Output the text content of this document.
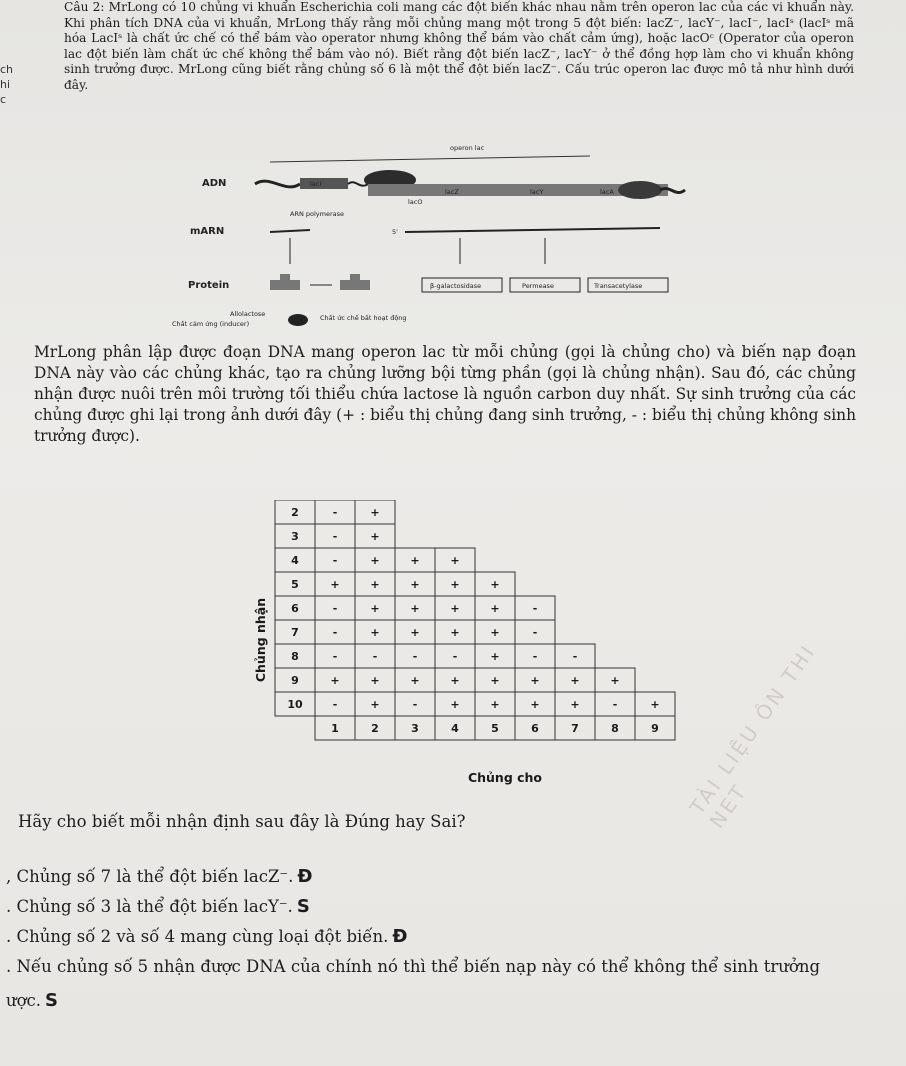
ch
hi
c
Câu 2: MrLong có 10 chủng vi khuẩn Escherichia coli mang các đột biến khác nhau nằm trên operon lac của các vi khuẩn này. Khi phân tích DNA của vi khuẩn, MrLong thấy rằng mỗi chủng mang một trong 5 đột biến: lacZ⁻, lacY⁻, lacI⁻, lacIˢ (lacIˢ mã hóa LacIˢ là chất ức chế có thể bám vào operator nhưng không thể bám vào chất cảm ứng), hoặc lacOᶜ (Operator của operon lac đột biến làm chất ức chế không thể bám vào nó). Biết rằng đột biến lacZ⁻, lacY⁻ ở thể đồng hợp làm cho vi khuẩn không sinh trưởng được. MrLong cũng biết rằng chủng số 6 là một thể đột biến lacZ⁻. Cấu trúc operon lac được mô tả như hình dưới đây.
operon lac
ADN
mARN
Protein
lacI
lacO
lacZ	lacY	lacA
ARN polymerase
5'
β-galactosidase	Permease	Transacetylase
Allolactose
Chất cảm ứng (inducer)
Chất ức chế bất hoạt động
MrLong phân lập được đoạn DNA mang operon lac từ mỗi chủng (gọi là chủng cho) và biến nạp đoạn DNA này vào các chủng khác, tạo ra chủng lưỡng bội từng phần (gọi là chủng nhận). Sau đó, các chủng nhận được nuôi trên môi trường tối thiểu chứa lactose là nguồn carbon duy nhất. Sự sinh trưởng của các chủng được ghi lại trong ảnh dưới đây (+ : biểu thị chủng đang sinh trưởng, - : biểu thị chủng không sinh trưởng được).
Chủng nhận
Chủng cho
2	-	+
3	-	+
4	-	+	+	+
5	+	+	+	+	+
6	-	+	+	+	+	-
7	-	+	+	+	+	-
8	-	-	-	-	+	-	-
9	+	+	+	+	+	+	+	+
10	-	+	-	+	+	+	+	-	+
1	2	3	4	5	6	7	8	9 TÀI LIỆU ÔN THI NET
Hãy cho biết mỗi nhận định sau đây là Đúng hay Sai?
, Chủng số 7 là thể đột biến lacZ⁻. Đ
. Chủng số 3 là thể đột biến lacY⁻. S
. Chủng số 2 và số 4 mang cùng loại đột biến. Đ
. Nếu chủng số 5 nhận được DNA của chính nó thì thể biến nạp này có thể không thể sinh trưởng
ược. S
